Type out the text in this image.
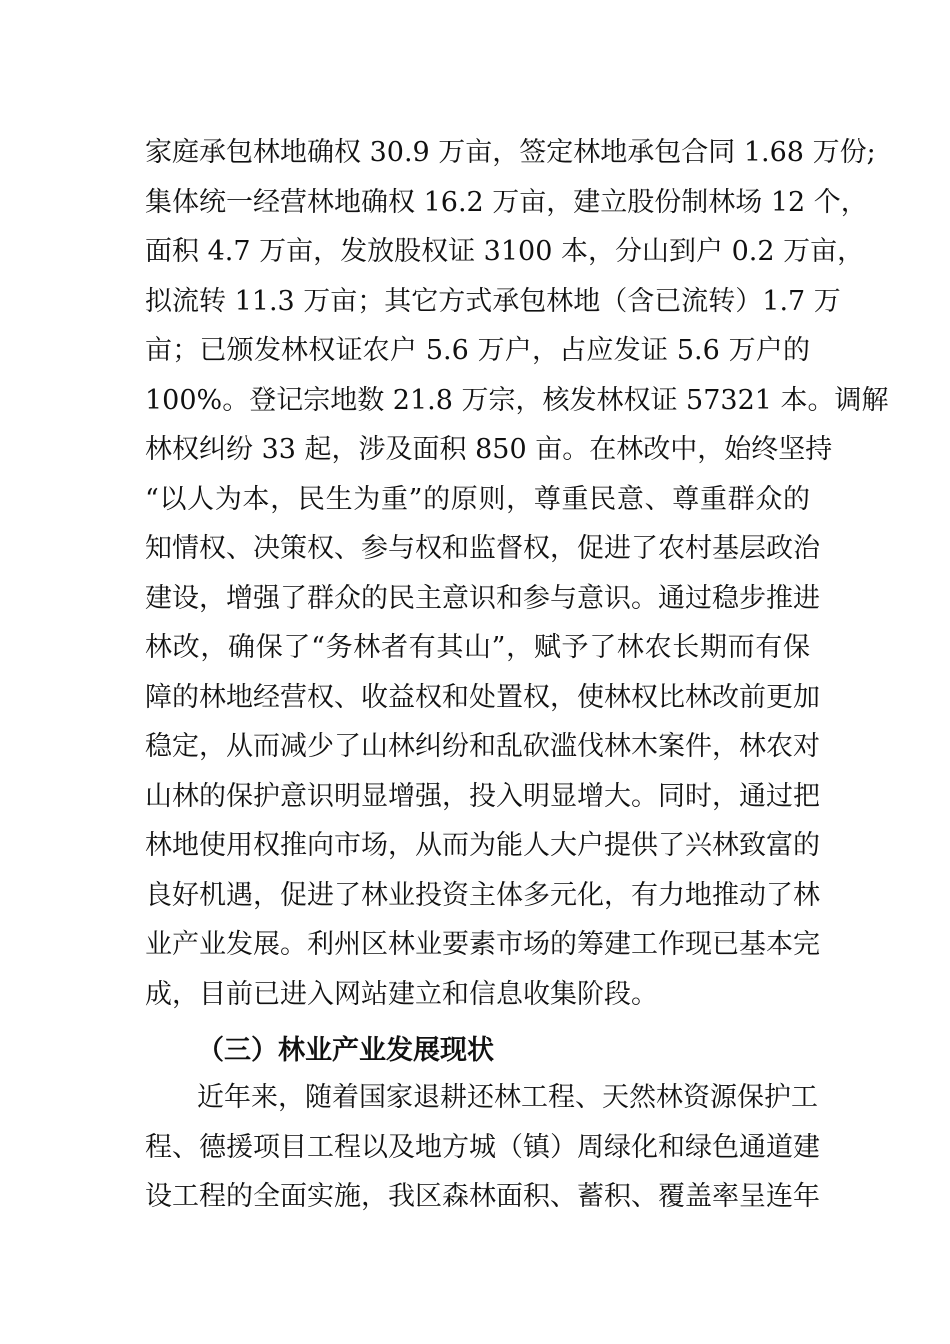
家庭承包林地确权 30.9 万亩，签定林地承包合同 1.68 万份;
集体统一经营林地确权 16.2 万亩，建立股份制林场 12 个，
面积 4.7 万亩，发放股权证 3100 本，分山到户 0.2 万亩，
拟流转 11.3 万亩；其它方式承包林地（含已流转）1.7 万
亩；已颁发林权证农户 5.6 万户，占应发证 5.6 万户的
100%。登记宗地数 21.8 万宗，核发林权证 57321 本。调解
林权纠纷 33 起，涉及面积 850 亩。在林改中，始终坚持
“以人为本，民生为重”的原则，尊重民意、尊重群众的
知情权、决策权、参与权和监督权，促进了农村基层政治
建设，增强了群众的民主意识和参与意识。通过稳步推进
林改，确保了“务林者有其山”，赋予了林农长期而有保
障的林地经营权、收益权和处置权，使林权比林改前更加
稳定，从而减少了山林纠纷和乱砍滥伐林木案件，林农对
山林的保护意识明显增强，投入明显增大。同时，通过把
林地使用权推向市场，从而为能人大户提供了兴林致富的
良好机遇，促进了林业投资主体多元化，有力地推动了林
业产业发展。利州区林业要素市场的筹建工作现已基本完
成，目前已进入网站建立和信息收集阶段。
（三）林业产业发展现状
近年来，随着国家退耕还林工程、天然林资源保护工
程、德援项目工程以及地方城（镇）周绿化和绿色通道建
设工程的全面实施，我区森林面积、蓄积、覆盖率呈连年
